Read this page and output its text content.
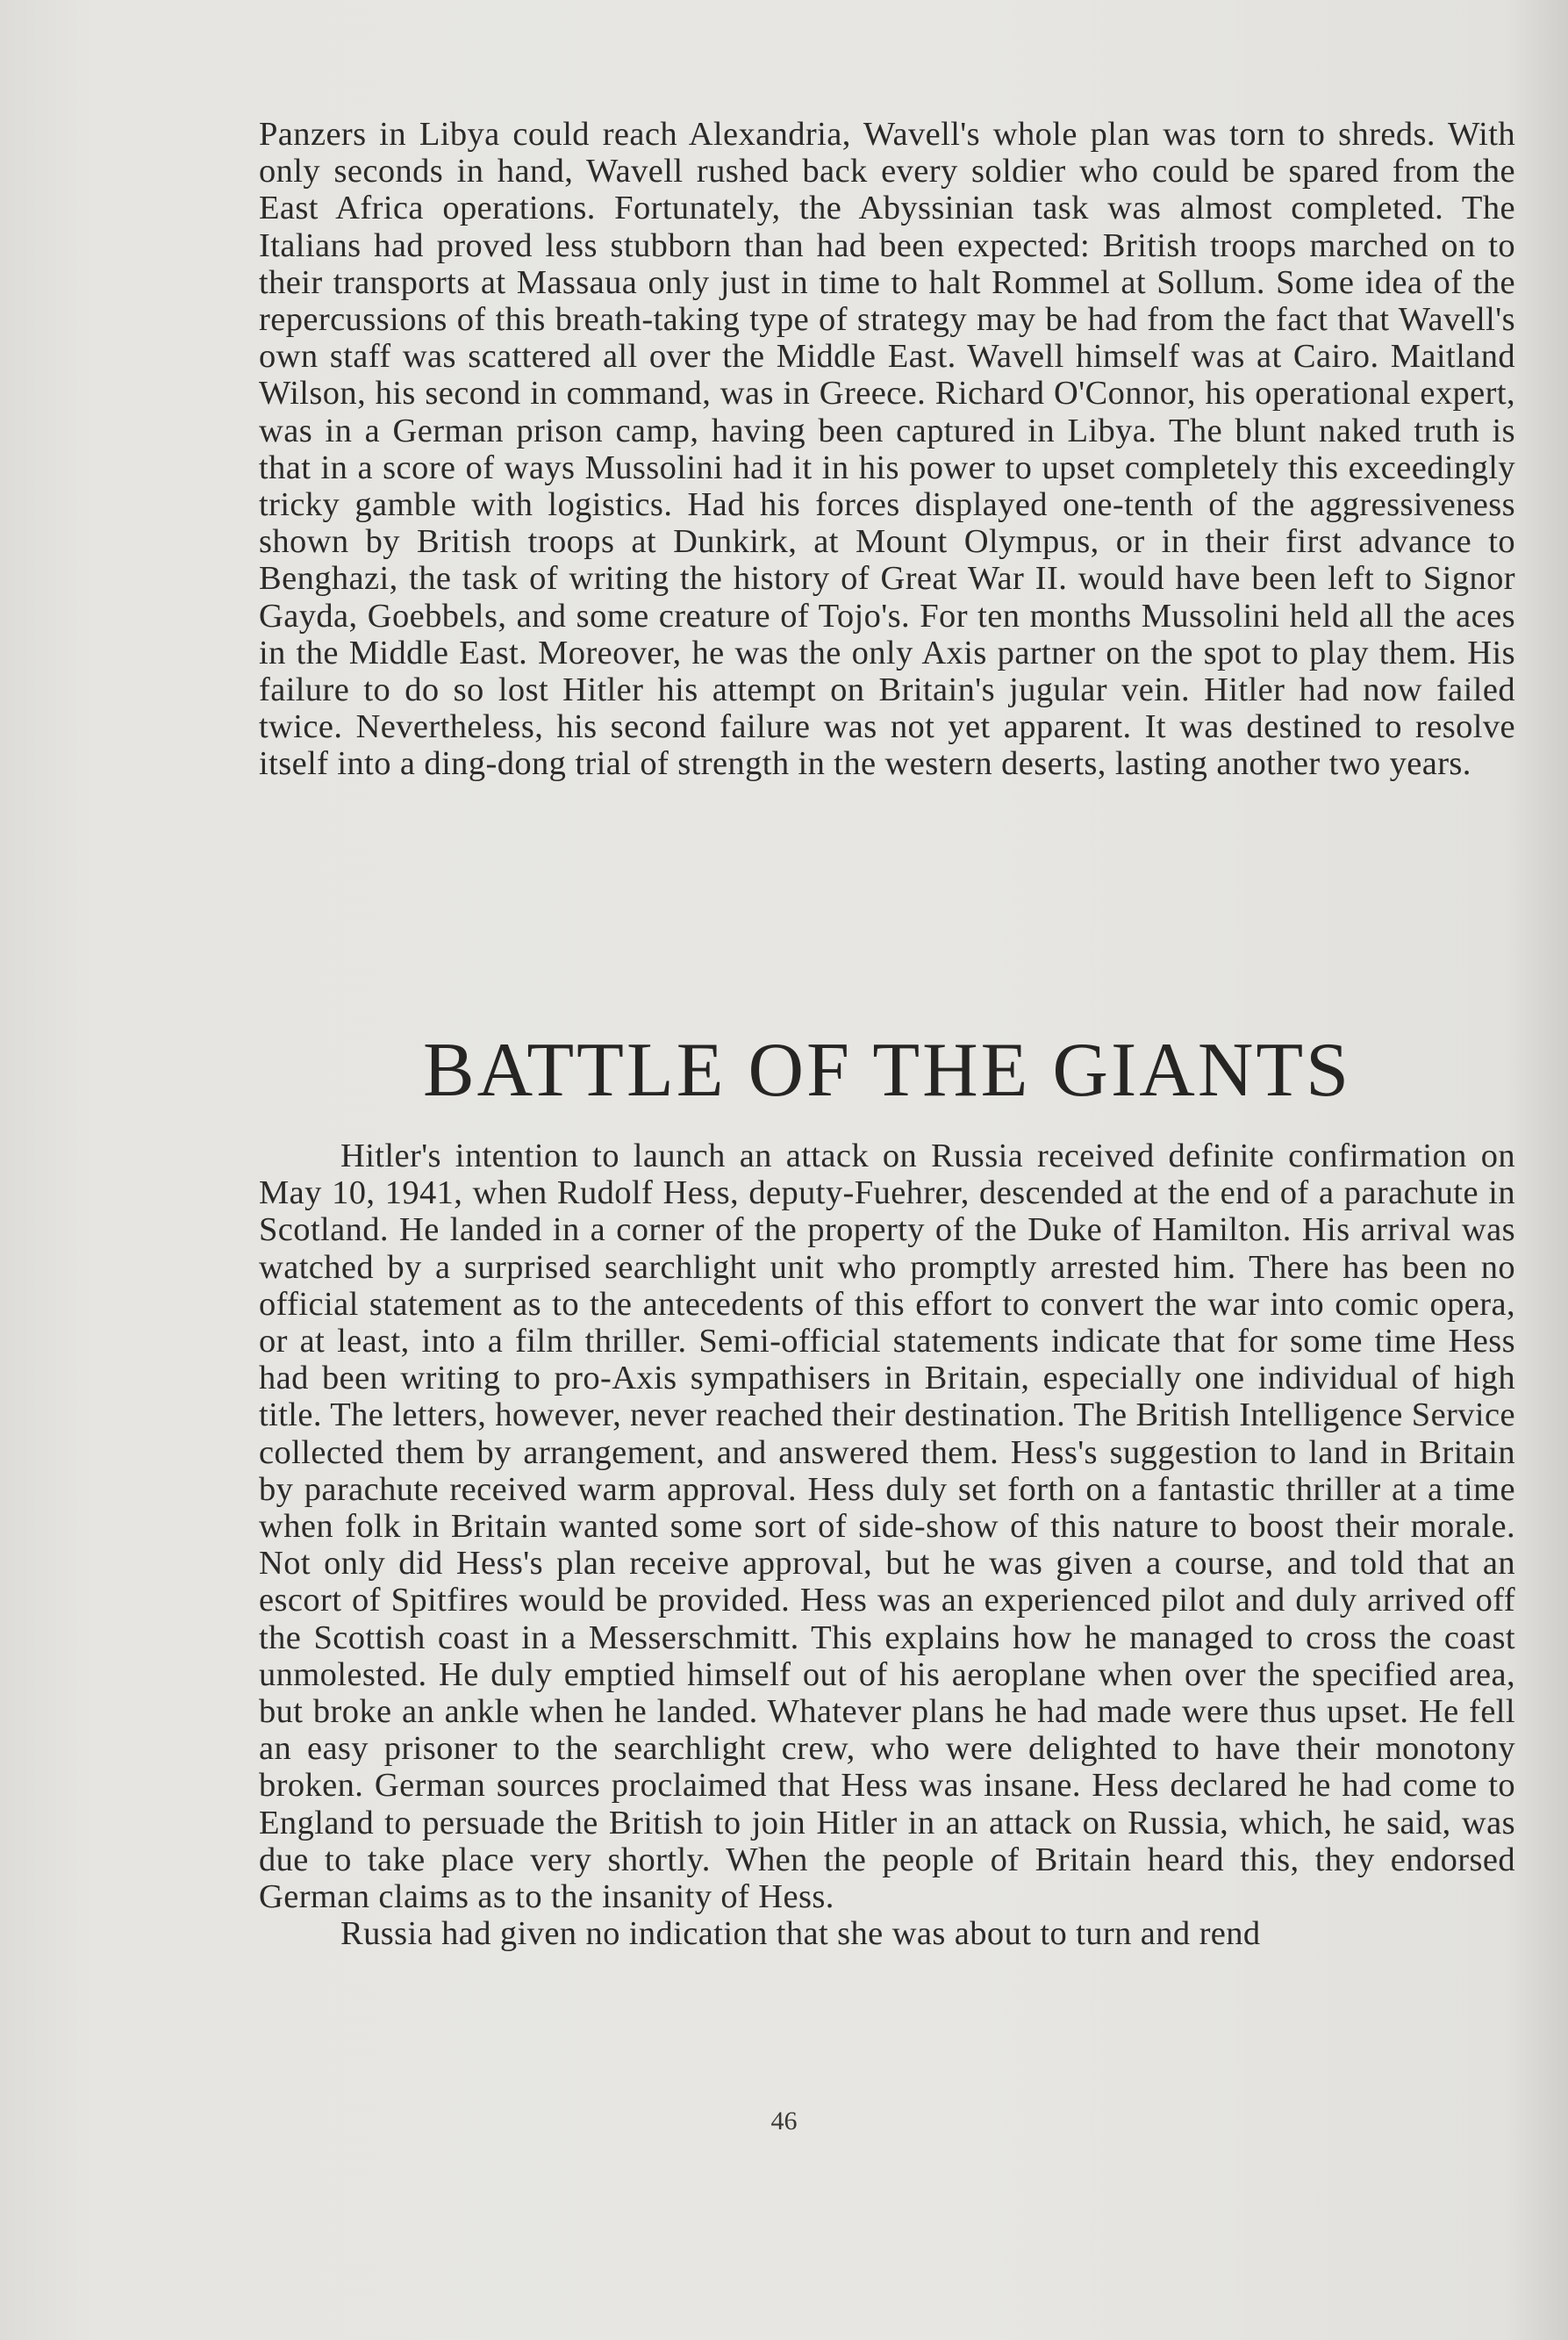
Panzers in Libya could reach Alexandria, Wavell's whole plan was torn to shreds. With only seconds in hand, Wavell rushed back every soldier who could be spared from the East Africa operations. Fortunately, the Abyssinian task was almost completed. The Italians had proved less stubborn than had been expected: British troops marched on to their transports at Massaua only just in time to halt Rommel at Sollum. Some idea of the repercussions of this breath-taking type of strategy may be had from the fact that Wavell's own staff was scattered all over the Middle East. Wavell himself was at Cairo. Maitland Wilson, his second in command, was in Greece. Richard O'Connor, his operational expert, was in a German prison camp, having been captured in Libya. The blunt naked truth is that in a score of ways Mussolini had it in his power to upset completely this exceedingly tricky gamble with logistics. Had his forces displayed one-tenth of the aggressiveness shown by British troops at Dunkirk, at Mount Olympus, or in their first advance to Benghazi, the task of writing the history of Great War II. would have been left to Signor Gayda, Goebbels, and some creature of Tojo's. For ten months Mussolini held all the aces in the Middle East. Moreover, he was the only Axis partner on the spot to play them. His failure to do so lost Hitler his attempt on Britain's jugular vein. Hitler had now failed twice. Nevertheless, his second failure was not yet apparent. It was destined to resolve itself into a ding-dong trial of strength in the western deserts, lasting another two years.

BATTLE OF THE GIANTS

Hitler's intention to launch an attack on Russia received definite confirmation on May 10, 1941, when Rudolf Hess, deputy-Fuehrer, descended at the end of a parachute in Scotland. He landed in a corner of the property of the Duke of Hamilton. His arrival was watched by a surprised searchlight unit who promptly arrested him. There has been no official statement as to the antecedents of this effort to convert the war into comic opera, or at least, into a film thriller. Semi-official statements indicate that for some time Hess had been writing to pro-Axis sympathisers in Britain, especially one individual of high title. The letters, however, never reached their destination. The British Intelligence Service collected them by arrangement, and answered them. Hess's suggestion to land in Britain by parachute received warm approval. Hess duly set forth on a fantastic thriller at a time when folk in Britain wanted some sort of side-show of this nature to boost their morale. Not only did Hess's plan receive approval, but he was given a course, and told that an escort of Spitfires would be provided. Hess was an experienced pilot and duly arrived off the Scottish coast in a Messerschmitt. This explains how he managed to cross the coast unmolested. He duly emptied himself out of his aeroplane when over the specified area, but broke an ankle when he landed. Whatever plans he had made were thus upset. He fell an easy prisoner to the searchlight crew, who were delighted to have their monotony broken. German sources proclaimed that Hess was insane. Hess declared he had come to England to persuade the British to join Hitler in an attack on Russia, which, he said, was due to take place very shortly. When the people of Britain heard this, they endorsed German claims as to the insanity of Hess.

Russia had given no indication that she was about to turn and rend

46
